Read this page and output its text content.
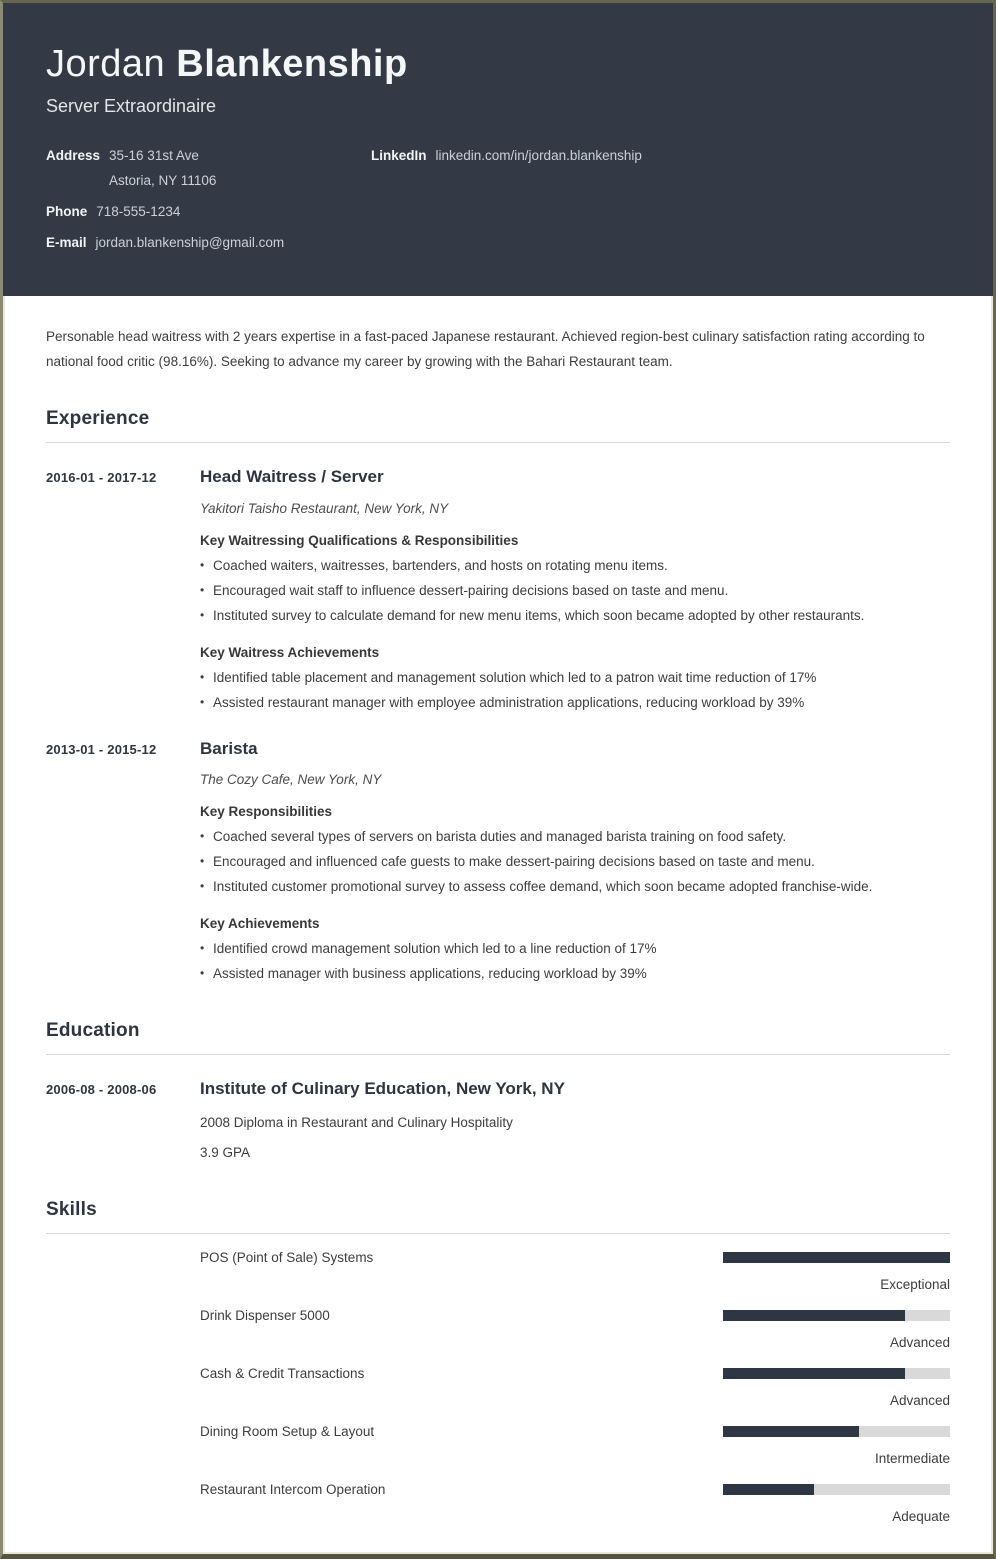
Jordan Blankenship
Server Extraordinaire
Address 35-16 31st Ave
Astoria, NY 11106
Phone 718-555-1234
E-mail jordan.blankenship@gmail.com
LinkedIn linkedin.com/in/jordan.blankenship

Personable head waitress with 2 years expertise in a fast-paced Japanese restaurant. Achieved region-best culinary satisfaction rating according to national food critic (98.16%). Seeking to advance my career by growing with the Bahari Restaurant team.

Experience
2016-01 - 2017-12	Head Waitress / Server
Yakitori Taisho Restaurant, New York, NY
Key Waitressing Qualifications & Responsibilities
• Coached waiters, waitresses, bartenders, and hosts on rotating menu items.
• Encouraged wait staff to influence dessert-pairing decisions based on taste and menu.
• Instituted survey to calculate demand for new menu items, which soon became adopted by other restaurants.
Key Waitress Achievements
• Identified table placement and management solution which led to a patron wait time reduction of 17%
• Assisted restaurant manager with employee administration applications, reducing workload by 39%
2013-01 - 2015-12	Barista
The Cozy Cafe, New York, NY
Key Responsibilities
• Coached several types of servers on barista duties and managed barista training on food safety.
• Encouraged and influenced cafe guests to make dessert-pairing decisions based on taste and menu.
• Instituted customer promotional survey to assess coffee demand, which soon became adopted franchise-wide.
Key Achievements
• Identified crowd management solution which led to a line reduction of 17%
• Assisted manager with business applications, reducing workload by 39%
Education
2006-08 - 2008-06	Institute of Culinary Education, New York, NY
2008 Diploma in Restaurant and Culinary Hospitality
3.9 GPA
Skills
POS (Point of Sale) Systems
Exceptional
Drink Dispenser 5000
Advanced
Cash & Credit Transactions
Advanced
Dining Room Setup & Layout
Intermediate
Restaurant Intercom Operation
Adequate
